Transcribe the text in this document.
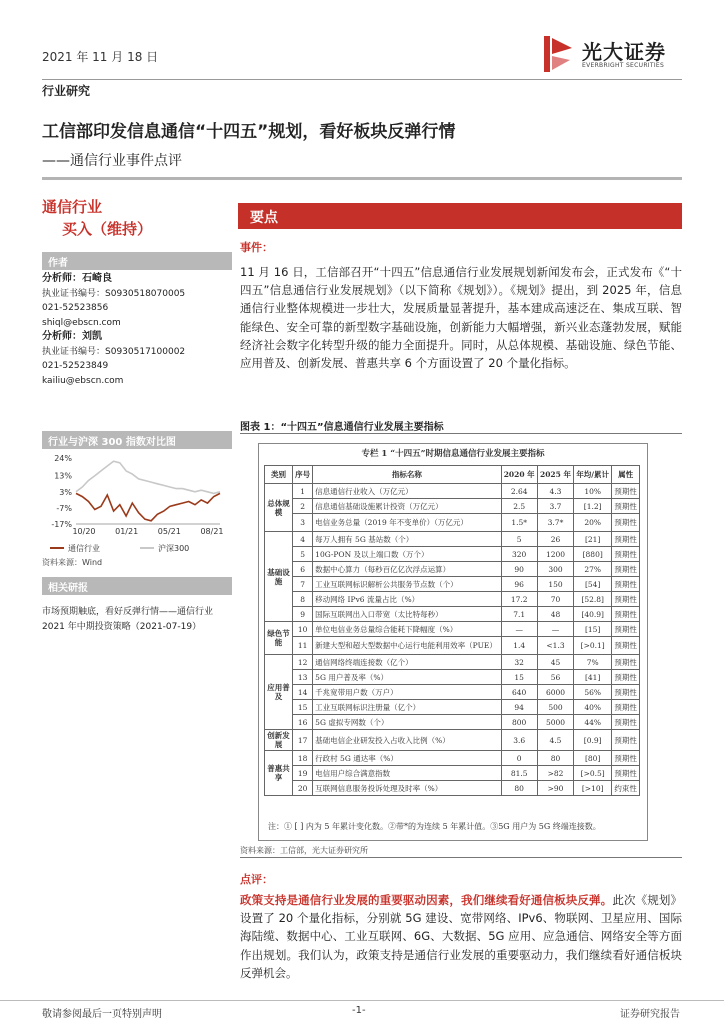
2021 年 11 月 18 日	光大证券
EVERBRIGHT SECURITIES
行业研究
工信部印发信息通信“十四五”规划，看好板块反弹行情
——通信行业事件点评
通信行业
买入（维持）
作者
分析师：石崎良
执业证书编号：S0930518070005
021-52523856
shiql@ebscn.com
分析师：刘凯
执业证书编号：S0930517100002
021-52523849
kailiu@ebscn.com
行业与沪深 300 指数对比图
24%
13%
3%
-7%
-17%
10/20 01/21 05/21 08/21
通信行业	沪深300
资料来源：Wind
相关研报
市场预期触底，看好反弹行情——通信行业
2021 年中期投资策略（2021-07-19）
要点
事件：
11 月 16 日，工信部召开“十四五”信息通信行业发展规划新闻发布会，正式发布《“十四五”信息通信行业发展规划》（以下简称《规划》）。《规划》提出，到 2025 年，信息通信行业整体规模进一步壮大，发展质量显著提升，基本建成高速泛在、集成互联、智能绿色、安全可靠的新型数字基础设施，创新能力大幅增强，新兴业态蓬勃发展，赋能经济社会数字化转型升级的能力全面提升。同时，从总体规模、基础设施、绿色节能、应用普及、创新发展、普惠共享 6 个方面设置了 20 个量化指标。
图表 1：“十四五”信息通信行业发展主要指标
专栏 1 “十四五”时期信息通信行业发展主要指标
类别	序号	指标名称	2020 年	2025 年	年均/累计	属性
总体规模	1	信息通信行业收入（万亿元）	2.64	4.3	10%	预期性
	2	信息通信基础设施累计投资（万亿元）	2.5	3.7	[1.2]	预期性
	3	电信业务总量（2019 年不变单价）（万亿元）	1.5*	3.7*	20%	预期性
基础设施	4	每万人拥有 5G 基站数（个）	5	26	[21]	预期性
	5	10G-PON 及以上端口数（万个）	320	1200	[880]	预期性
	6	数据中心算力（每秒百亿亿次浮点运算）	90	300	27%	预期性
	7	工业互联网标识解析公共服务节点数（个）	96	150	[54]	预期性
	8	移动网络 IPv6 流量占比（%）	17.2	70	[52.8]	预期性
	9	国际互联网出入口带宽（太比特每秒）	7.1	48	[40.9]	预期性
绿色节能	10	单位电信业务总量综合能耗下降幅度（%）	—	—	[15]	预期性
	11	新建大型和超大型数据中心运行电能利用效率（PUE）	1.4	<1.3	[>0.1]	预期性
应用普及	12	通信网络终端连接数（亿个）	32	45	7%	预期性
	13	5G 用户普及率（%）	15	56	[41]	预期性
	14	千兆宽带用户数（万户）	640	6000	56%	预期性
	15	工业互联网标识注册量（亿个）	94	500	40%	预期性
	16	5G 虚拟专网数（个）	800	5000	44%	预期性
创新发展	17	基础电信企业研发投入占收入比例（%）	3.6	4.5	[0.9]	预期性
普惠共享	18	行政村 5G 通达率（%）	0	80	[80]	预期性
	19	电信用户综合满意指数	81.5	>82	[>0.5]	预期性
	20	互联网信息服务投诉处理及时率（%）	80	>90	[>10]	约束性
注：① [ ] 内为 5 年累计变化数。②带*的为连续 5 年累计值。③5G 用户为 5G 终端连接数。
资料来源：工信部，光大证券研究所
点评：
政策支持是通信行业发展的重要驱动因素，我们继续看好通信板块反弹。此次《规划》设置了 20 个量化指标，分别就 5G 建设、宽带网络、IPv6、物联网、卫星应用、国际海陆缆、数据中心、工业互联网、6G、大数据、5G 应用、应急通信、网络安全等方面作出规划。我们认为，政策支持是通信行业发展的重要驱动力，我们继续看好通信板块反弹机会。
敬请参阅最后一页特别声明	-1-	证券研究报告
